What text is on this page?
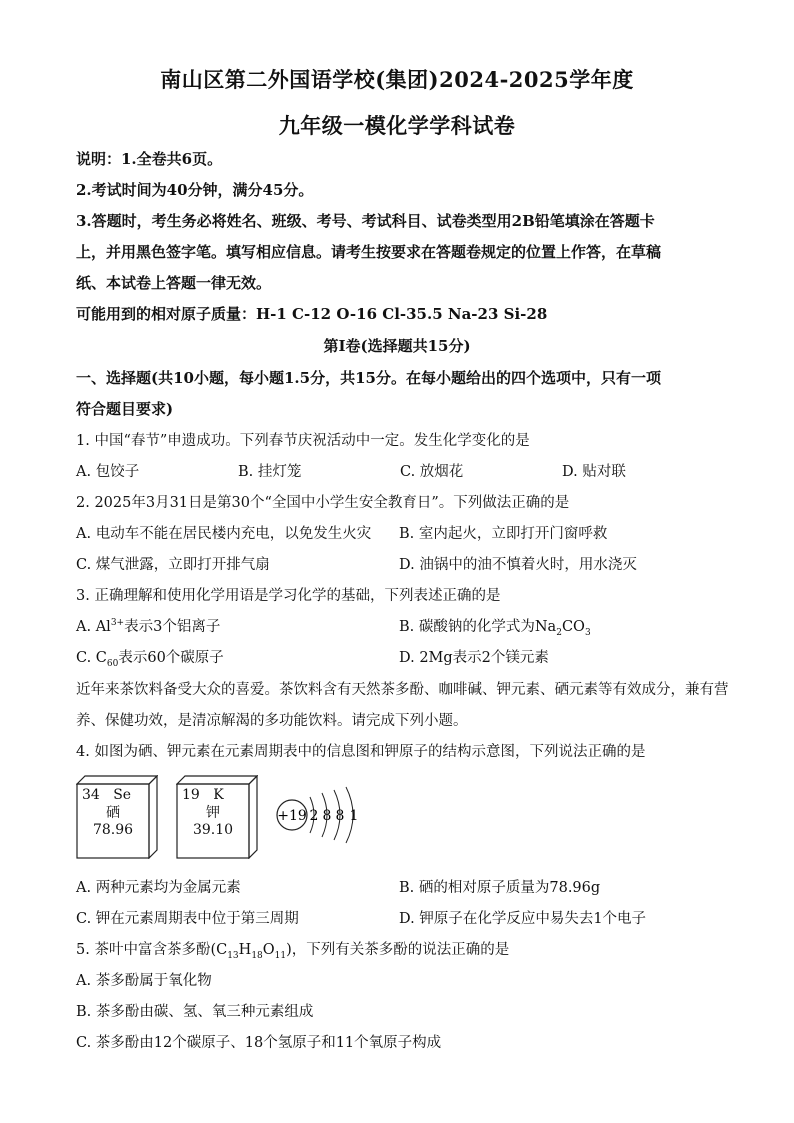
南山区第二外国语学校(集团)2024-2025学年度
九年级一模化学学科试卷
说明：1.全卷共6页。
2.考试时间为40分钟，满分45分。
3.答题时，考生务必将姓名、班级、考号、考试科目、试卷类型用2B铅笔填涂在答题卡
上，并用黑色签字笔。填写相应信息。请考生按要求在答题卷规定的位置上作答，在草稿
纸、本试卷上答题一律无效。
可能用到的相对原子质量：H-1 C-12 O-16 Cl-35.5 Na-23 Si-28
第Ⅰ卷(选择题共15分)
一、选择题(共10小题，每小题1.5分，共15分。在每小题给出的四个选项中，只有一项
符合题目要求)
1. 中国“春节”申遗成功。下列春节庆祝活动中一定。发生化学变化的是
A. 包饺子	B. 挂灯笼	C. 放烟花	D. 贴对联
2. 2025年3月31日是第30个“全国中小学生安全教育日”。下列做法正确的是
A. 电动车不能在居民楼内充电，以免发生火灾 B. 室内起火，立即打开门窗呼救
C. 煤气泄露，立即打开排气扇	D. 油锅中的油不慎着火时，用水浇灭
3. 正确理解和使用化学用语是学习化学的基础，下列表述正确的是
A. $Al^{3+}$表示3个铝离子	B. 碳酸钠的化学式为$Na_2CO_3$
C. $C_{60}$表示60个碳原子	D. 2Mg表示2个镁元素
近年来茶饮料备受大众的喜爱。茶饮料含有天然茶多酚、咖啡碱、钾元素、硒元素等有效成分，兼有营
养、保健功效，是清凉解渴的多功能饮料。请完成下列小题。
4. 如图为硒、钾元素在元素周期表中的信息图和钾原子的结构示意图，下列说法正确的是
34 Se
硒
78.96
19 K
钾
39.10
+19 2 8 8 1
A. 两种元素均为金属元素	B. 硒的相对原子质量为78.96g
C. 钾在元素周期表中位于第三周期	D. 钾原子在化学反应中易失去1个电子
5. 茶叶中富含茶多酚$(C_{13}H_{18}O_{11})$，下列有关茶多酚的说法正确的是
A. 茶多酚属于氧化物
B. 茶多酚由碳、氢、氧三种元素组成
C. 茶多酚由12个碳原子、18个氢原子和11个氧原子构成
